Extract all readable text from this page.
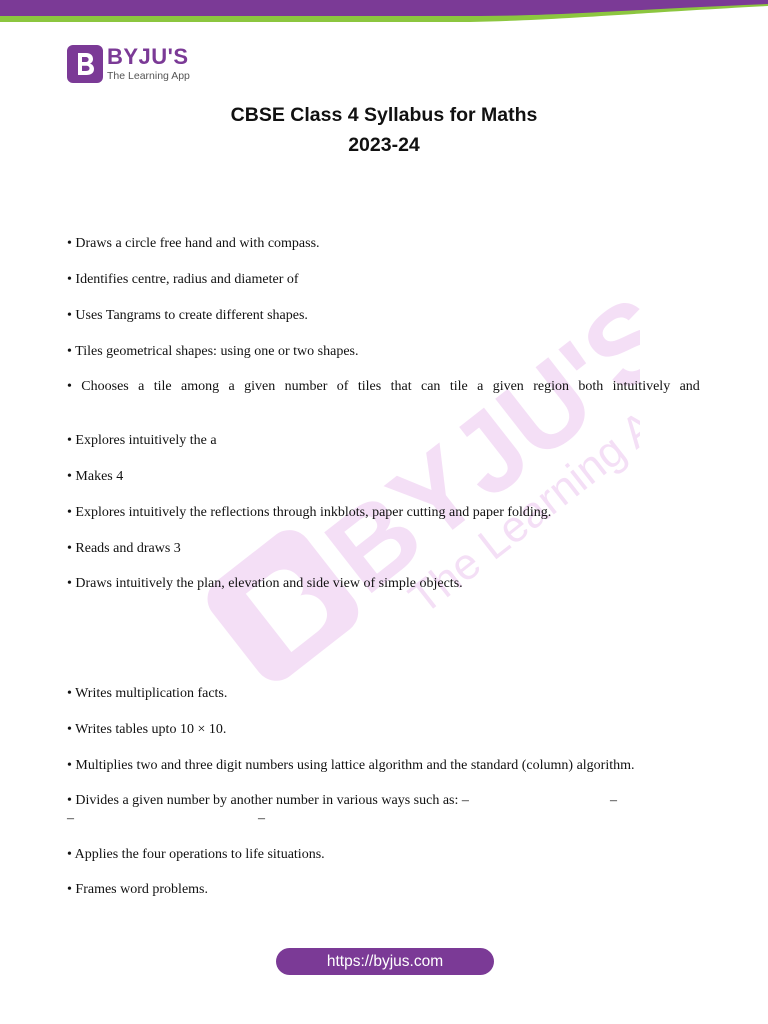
BYJU'S
The Learning App
CBSE Class 4 Syllabus for Maths
2023-24
BYJU'S
The Learning App
• Draws a circle free hand and with compass.
• Identifies centre, radius and diameter of
• Uses Tangrams to create different shapes.
• Tiles geometrical shapes: using one or two shapes.
• Chooses a tile among a given number of tiles that can tile a given region both intuitively and
• Explores intuitively the a
• Makes 4
• Explores intuitively the reflections through inkblots, paper cutting and paper folding.
• Reads and draws 3
• Draws intuitively the plan, elevation and side view of simple objects.
• Writes multiplication facts.
• Writes tables upto 10 × 10.
• Multiplies two and three digit numbers using lattice algorithm and the standard (column) algorithm.
• Divides a given number by another number in various ways such as: –	–
–	–
• Applies the four operations to life situations.
• Frames word problems.
https://byjus.com
